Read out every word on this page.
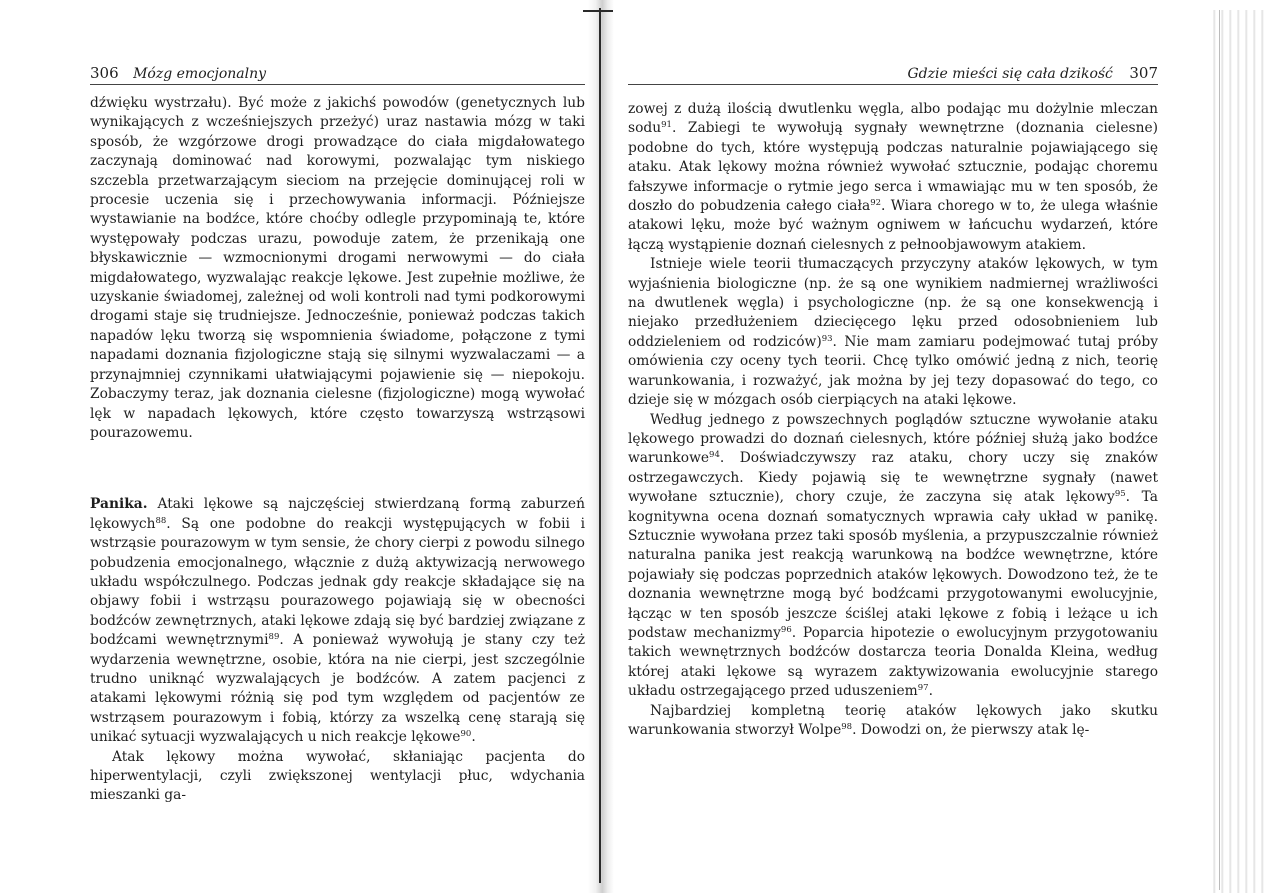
306 Mózg emocjonalny

dźwięku wystrzału). Być może z jakichś powodów (genetycznych lub wynikających z wcześniejszych przeżyć) uraz nastawia mózg w taki sposób, że wzgórzowe drogi prowadzące do ciała migdałowatego zaczynają dominować nad korowymi, pozwalając tym niskiego szczebla przetwarzającym sieciom na przejęcie dominującej roli w procesie uczenia się i przechowywania informacji. Późniejsze wystawianie na bodźce, które choćby odlegle przypominają te, które występowały podczas urazu, powoduje zatem, że przenikają one błyskawicznie — wzmocnionymi drogami nerwowymi — do ciała migdałowatego, wyzwalając reakcje lękowe. Jest zupełnie możliwe, że uzyskanie świadomej, zależnej od woli kontroli nad tymi podkorowymi drogami staje się trudniejsze. Jednocześnie, ponieważ podczas takich napadów lęku tworzą się wspomnienia świadome, połączone z tymi napadami doznania fizjologiczne stają się silnymi wyzwalaczami — a przynajmniej czynnikami ułatwiającymi pojawienie się — niepokoju. Zobaczymy teraz, jak doznania cielesne (fizjologiczne) mogą wywołać lęk w napadach lękowych, które często towarzyszą wstrząsowi pourazowemu.

Panika. Ataki lękowe są najczęściej stwierdzaną formą zaburzeń lękowych$^{88}$. Są one podobne do reakcji występujących w fobii i wstrząsie pourazowym w tym sensie, że chory cierpi z powodu silnego pobudzenia emocjonalnego, włącznie z dużą aktywizacją nerwowego układu współczulnego. Podczas jednak gdy reakcje składające się na objawy fobii i wstrząsu pourazowego pojawiają się w obecności bodźców zewnętrznych, ataki lękowe zdają się być bardziej związane z bodźcami wewnętrznymi$^{89}$. A ponieważ wywołują je stany czy też wydarzenia wewnętrzne, osobie, która na nie cierpi, jest szczególnie trudno uniknąć wyzwalających je bodźców. A zatem pacjenci z atakami lękowymi różnią się pod tym względem od pacjentów ze wstrząsem pourazowym i fobią, którzy za wszelką cenę starają się unikać sytuacji wyzwalających u nich reakcje lękowe$^{90}$.

Atak lękowy można wywołać, skłaniając pacjenta do hiperwentylacji, czyli zwiększonej wentylacji płuc, wdychania mieszanki ga-

Gdzie mieści się cała dzikość 307

zowej z dużą ilością dwutlenku węgla, albo podając mu dożylnie mleczan sodu$^{91}$. Zabiegi te wywołują sygnały wewnętrzne (doznania cielesne) podobne do tych, które występują podczas naturalnie pojawiającego się ataku. Atak lękowy można również wywołać sztucznie, podając choremu fałszywe informacje o rytmie jego serca i wmawiając mu w ten sposób, że doszło do pobudzenia całego ciała$^{92}$. Wiara chorego w to, że ulega właśnie atakowi lęku, może być ważnym ogniwem w łańcuchu wydarzeń, które łączą wystąpienie doznań cielesnych z pełnoobjawowym atakiem.

Istnieje wiele teorii tłumaczących przyczyny ataków lękowych, w tym wyjaśnienia biologiczne (np. że są one wynikiem nadmiernej wrażliwości na dwutlenek węgla) i psychologiczne (np. że są one konsekwencją i niejako przedłużeniem dziecięcego lęku przed odosobnieniem lub oddzieleniem od rodziców)$^{93}$. Nie mam zamiaru podejmować tutaj próby omówienia czy oceny tych teorii. Chcę tylko omówić jedną z nich, teorię warunkowania, i rozważyć, jak można by jej tezy dopasować do tego, co dzieje się w mózgach osób cierpiących na ataki lękowe.

Według jednego z powszechnych poglądów sztuczne wywołanie ataku lękowego prowadzi do doznań cielesnych, które później służą jako bodźce warunkowe$^{94}$. Doświadczywszy raz ataku, chory uczy się znaków ostrzegawczych. Kiedy pojawią się te wewnętrzne sygnały (nawet wywołane sztucznie), chory czuje, że zaczyna się atak lękowy$^{95}$. Ta kognitywna ocena doznań somatycznych wprawia cały układ w panikę. Sztucznie wywołana przez taki sposób myślenia, a przypuszczalnie również naturalna panika jest reakcją warunkową na bodźce wewnętrzne, które pojawiały się podczas poprzednich ataków lękowych. Dowodzono też, że te doznania wewnętrzne mogą być bodźcami przygotowanymi ewolucyjnie, łącząc w ten sposób jeszcze ściślej ataki lękowe z fobią i leżące u ich podstaw mechanizmy$^{96}$. Poparcia hipotezie o ewolucyjnym przygotowaniu takich wewnętrznych bodźców dostarcza teoria Donalda Kleina, według której ataki lękowe są wyrazem zaktywizowania ewolucyjnie starego układu ostrzegającego przed uduszeniem$^{97}$.

Najbardziej kompletną teorię ataków lękowych jako skutku warunkowania stworzył Wolpe$^{98}$. Dowodzi on, że pierwszy atak lę-
